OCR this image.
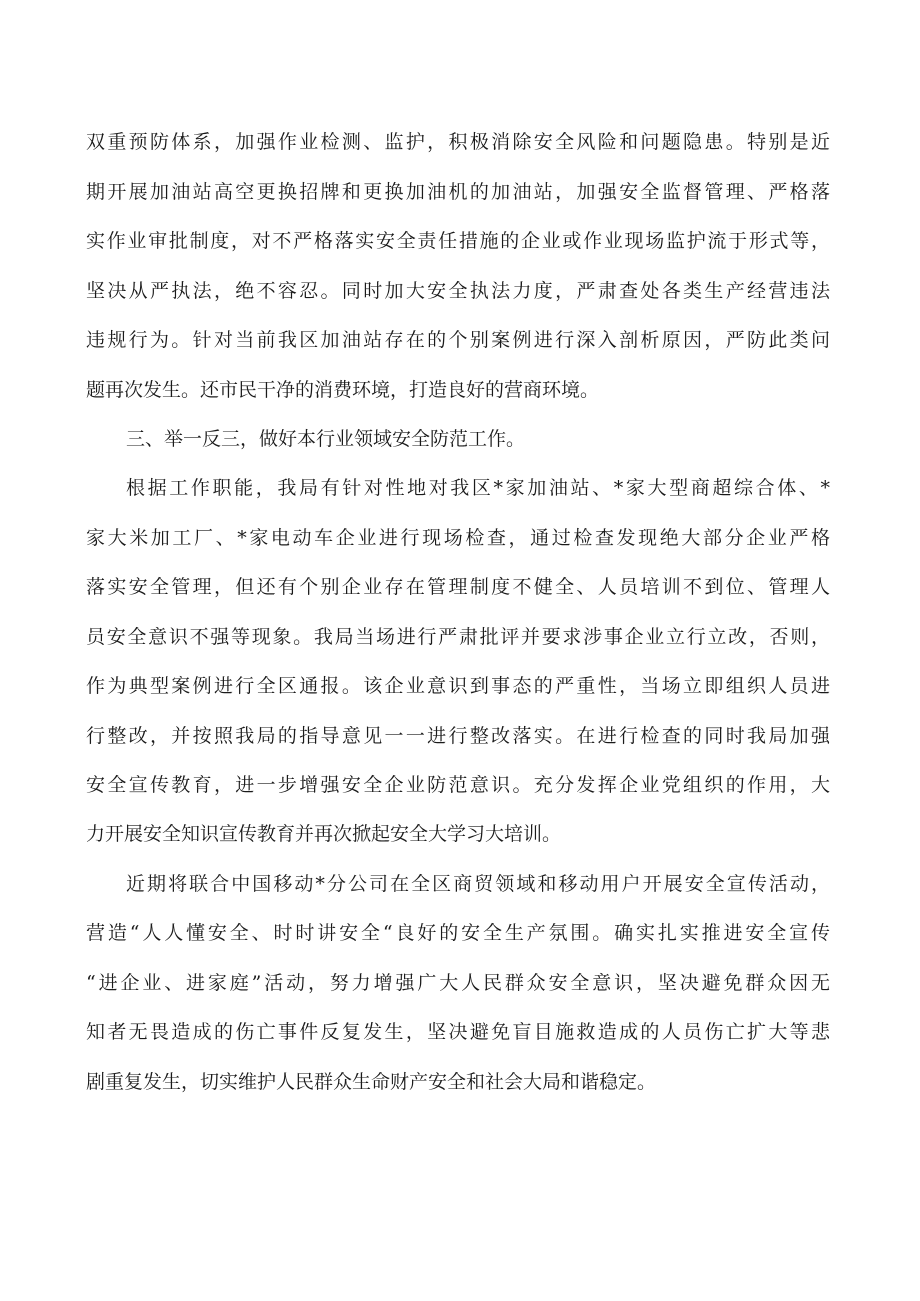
双重预防体系，加强作业检测、监护，积极消除安全风险和问题隐患。特别是近

期开展加油站高空更换招牌和更换加油机的加油站，加强安全监督管理、严格落

实作业审批制度，对不严格落实安全责任措施的企业或作业现场监护流于形式等，

坚决从严执法，绝不容忍。同时加大安全执法力度，严肃查处各类生产经营违法

违规行为。针对当前我区加油站存在的个别案例进行深入剖析原因，严防此类问

题再次发生。还市民干净的消费环境，打造良好的营商环境。

三、举一反三，做好本行业领域安全防范工作。

根据工作职能，我局有针对性地对我区*家加油站、*家大型商超综合体、*

家大米加工厂、*家电动车企业进行现场检查，通过检查发现绝大部分企业严格

落实安全管理，但还有个别企业存在管理制度不健全、人员培训不到位、管理人

员安全意识不强等现象。我局当场进行严肃批评并要求涉事企业立行立改，否则，

作为典型案例进行全区通报。该企业意识到事态的严重性，当场立即组织人员进

行整改，并按照我局的指导意见一一进行整改落实。在进行检查的同时我局加强

安全宣传教育，进一步增强安全企业防范意识。充分发挥企业党组织的作用，大

力开展安全知识宣传教育并再次掀起安全大学习大培训。

近期将联合中国移动*分公司在全区商贸领域和移动用户开展安全宣传活动，

营造“人人懂安全、时时讲安全“良好的安全生产氛围。确实扎实推进安全宣传

“进企业、进家庭”活动，努力增强广大人民群众安全意识，坚决避免群众因无

知者无畏造成的伤亡事件反复发生，坚决避免盲目施救造成的人员伤亡扩大等悲

剧重复发生，切实维护人民群众生命财产安全和社会大局和谐稳定。
